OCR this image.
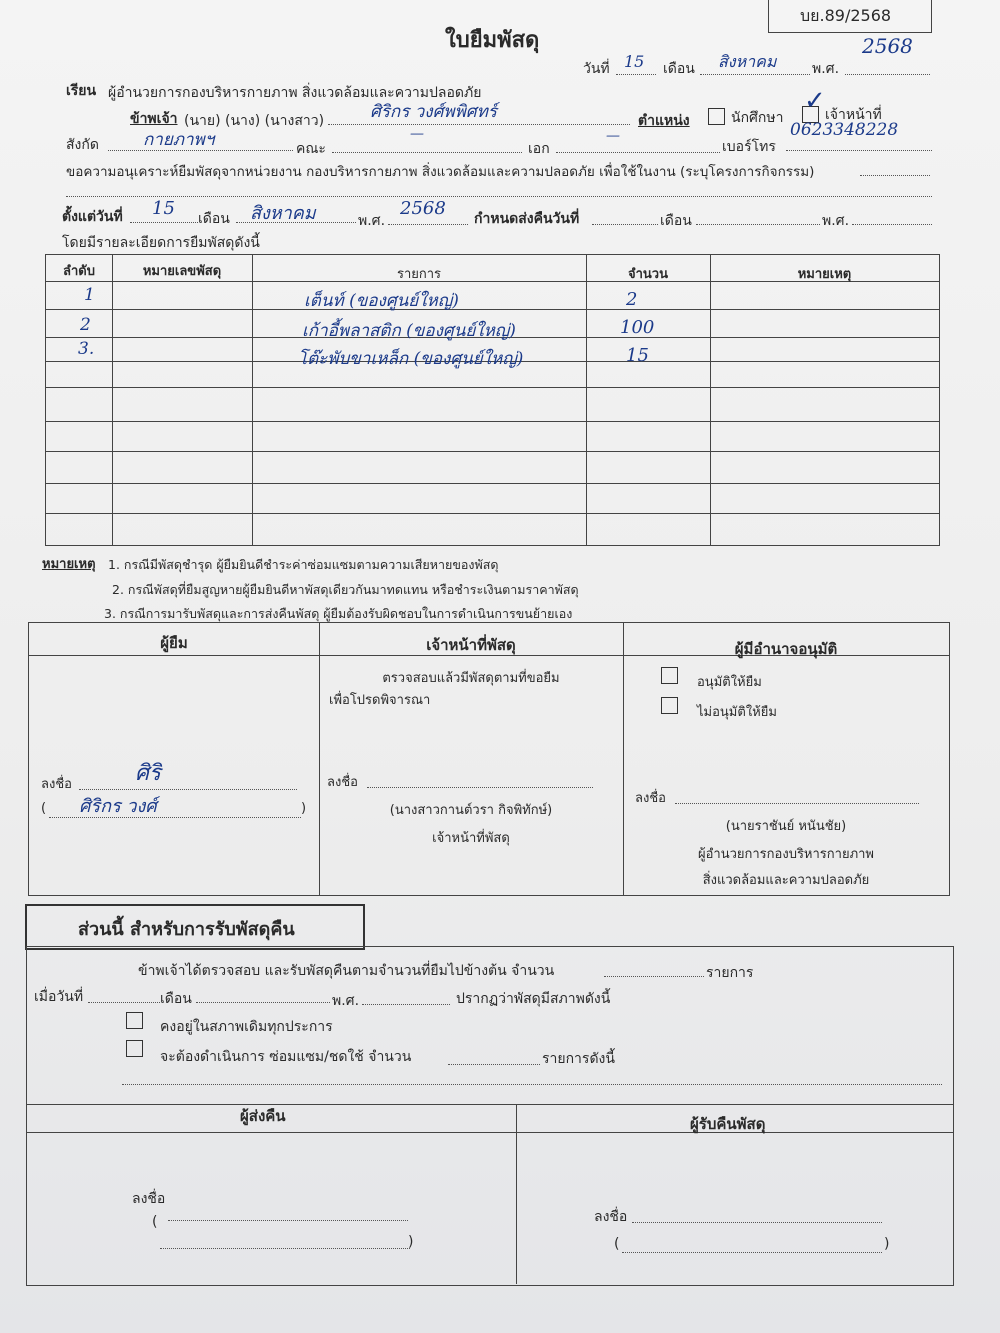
บย.89/2568
ใบยืมพัสดุ
วันที่ 15 เดือน สิงหาคม	พ.ศ.
2568
เรียน ผู้อำนวยการกองบริหารกายภาพ สิ่งแวดล้อมและความปลอดภัย
ข้าพเจ้า (นาย) (นาง) (นางสาว)	ศิริกร วงศ์พพิศทร์	ตำแหน่ง	นักศึกษา
✓ เจ้าหน้าที่
สังกัด	กายภาพฯ	คณะ
—
เอก
—
เบอร์โทร
0623348228
ขอความอนุเคราะห์ยืมพัสดุจากหน่วยงาน กองบริหารกายภาพ สิ่งแวดล้อมและความปลอดภัย เพื่อใช้ในงาน (ระบุโครงการกิจกรรม)
ตั้งแต่วันที่ 15 เดือน สิงหาคม	พ.ศ.
2568 กำหนดส่งคืนวันที่	เดือน	พ.ศ.
โดยมีรายละเอียดการยืมพัสดุดังนี้
ลำดับ	หมายเลขพัสดุ	รายการ	จำนวน	หมายเหตุ
1	เต็นท์ (ของศูนย์ใหญ่)	2
2	เก้าอี้พลาสติก (ของศูนย์ใหญ่)	100
3.	โต๊ะพับขาเหล็ก (ของศูนย์ใหญ่)	15
หมายเหตุ 1. กรณีมีพัสดุชำรุด ผู้ยืมยินดีชำระค่าซ่อมแซมตามความเสียหายของพัสดุ
2. กรณีพัสดุที่ยืมสูญหายผู้ยืมยินดีหาพัสดุเดียวกันมาทดแทน หรือชำระเงินตามราคาพัสดุ
3. กรณีการมารับพัสดุและการส่งคืนพัสดุ ผู้ยืมต้องรับผิดชอบในการดำเนินการขนย้ายเอง
ผู้ยืม	เจ้าหน้าที่พัสดุ	ผู้มีอำนาจอนุมัติ
ลงชื่อ	ศิริ
(	)
ศิริกร วงศ์
ตรวจสอบแล้วมีพัสดุตามที่ขอยืม
เพื่อโปรดพิจารณา
ลงชื่อ
(นางสาวกานต์วรา กิจพิทักษ์)
เจ้าหน้าที่พัสดุ
อนุมัติให้ยืม
ไม่อนุมัติให้ยืม
ลงชื่อ
(นายราชันย์ หนันชัย)
ผู้อำนวยการกองบริหารกายภาพ
สิ่งแวดล้อมและความปลอดภัย
ส่วนนี้ สำหรับการรับพัสดุคืน
ข้าพเจ้าได้ตรวจสอบ และรับพัสดุคืนตามจำนวนที่ยืมไปข้างต้น จำนวน	รายการ
เมื่อวันที่	เดือน	พ.ศ.	ปรากฏว่าพัสดุมีสภาพดังนี้
คงอยู่ในสภาพเดิมทุกประการ
จะต้องดำเนินการ ซ่อมแซม/ชดใช้ จำนวน	รายการดังนี้
ผู้ส่งคืน	ผู้รับคืนพัสดุ
ลงชื่อ
(
)
ลงชื่อ
(	)
